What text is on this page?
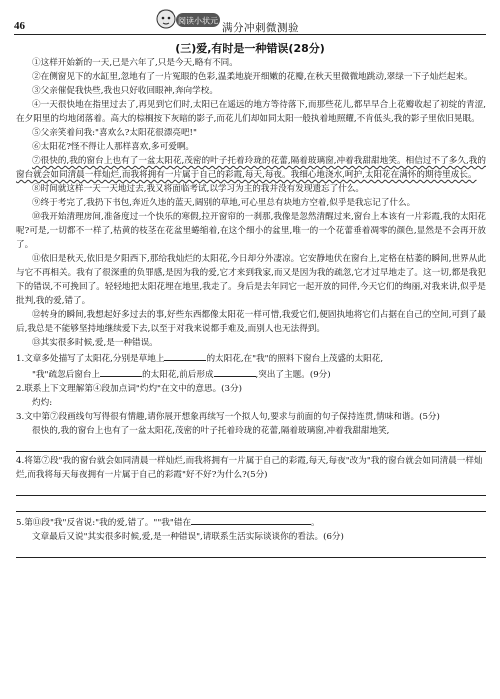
46	阅读小状元
满分冲刺微测验
(三)爱,有时是一种错误(28分)

①这样开始新的一天,已是六年了,只是今天,略有不同。

②在侧窗见下的水缸里,忽地有了一片冤眼的色彩,温柔地旋开细嫩的花瓣,在秋天里微微地跳动,翠绿一下子灿烂起来。

③父亲催促我快些,我也只好收回眼神,奔向学校。

④一天很快地在指里过去了,再见到它们时,太阳已在遥远的地方等待落下,而那些花儿,都早早合上花瓣收起了初绽的青涩,在夕阳里的均地闭落着。高大的棕榈按下灰暗的影子,而花儿们却如同太阳一般执着地照耀,不肯低头,我的影子里依旧晃眼。

⑤父亲笑着问我:"喜欢么?太阳花很漂亮吧!"

⑥太阳花?怪不得让人那样喜欢,多可爱啊。

⑦很快的,我的窗台上也有了一盆太阳花,茂密的叶子托着玲珑的花蕾,隔着玻璃窗,冲着我甜甜地笑。相信过不了多久,我的窗台就会如同清晨一样灿烂,而我将拥有一片属于自己的彩霞,每天,每夜。我细心地浇水,呵护,太阳花在满怀的期待里成长。

⑧时间就这样一天一天地过去,我又将面临考试,以学习为主的我并没有发现遗忘了什么。

⑨终于考完了,我扔下书包,奔近久违的蓝天,阔别的草地,可心里总有块地方空着,似乎是我忘记了什么。

⑩我开始清理房间,准备度过一个快乐的寒假,拉开窗帘的一刹那,我像是忽然清醒过来,窗台上本该有一片彩霞,我的太阳花呢?可是,一切都不一样了,枯黄的枝茎在花盆里蜷缩着,在这个细小的盆里,唯一的一个花蕾垂着凋零的颜色,显然是不会再开放了。

⑪依旧是秋天,依旧是夕阳西下,那给我灿烂的太阳花,今日却分外凄凉。它安静地伏在窗台上,定格在枯萎的瞬间,世界从此与它不再相关。我有了很深重的负罪感,是因为我的爱,它才来到我家,而又是因为我的疏忽,它才过早地走了。这一切,都是我犯下的错误,不可挽回了。轻轻地把太阳花埋在地里,我走了。身后是去年同它一起开放的同伴,今天它们的绚丽,对我来讲,似乎是批判,我的爱,错了。

⑫转身的瞬间,我想起好多过去的事,好些东西都像太阳花一样可惜,我爱它们,便固执地将它们占据在自己的空间,可到了最后,我总是不能够坚持地继续爱下去,以至于对我来说都手难及,而别人也无法得到。

⑬其实很多时候,爱,是一种错误。

1.文章多处描写了太阳花,分别是草地上	的太阳花,在"我"的照料下窗台上茂盛的太阳花,

"我"疏忽后窗台上	的太阳花,前后形成	,突出了主题。(9分)

2.联系上下文理解第④段加点词"灼灼"在文中的意思。(3分)

灼灼:

3.文中第⑦段画线句写得很有情趣,请你展开想象再续写一个拟人句,要求与前面的句子保持连贯,情味和谐。(5分)

很快的,我的窗台上也有了一盆太阳花,茂密的叶子托着玲珑的花蕾,隔着玻璃窗,冲着我甜甜地笑,

4.将第⑦段"我的窗台就会如同清晨一样灿烂,而我将拥有一片属于自己的彩霞,每天,每夜"改为"我的窗台就会如同清晨一样灿烂,而我将每天每夜拥有一片属于自己的彩霞"好不好?为什么?(5分)

5.第⑪段"我"反省说:"我的爱,错了。""我"错在	。

文章最后又说"其实很多时候,爱,是一种错误",请联系生活实际谈谈你的看法。(6分)
